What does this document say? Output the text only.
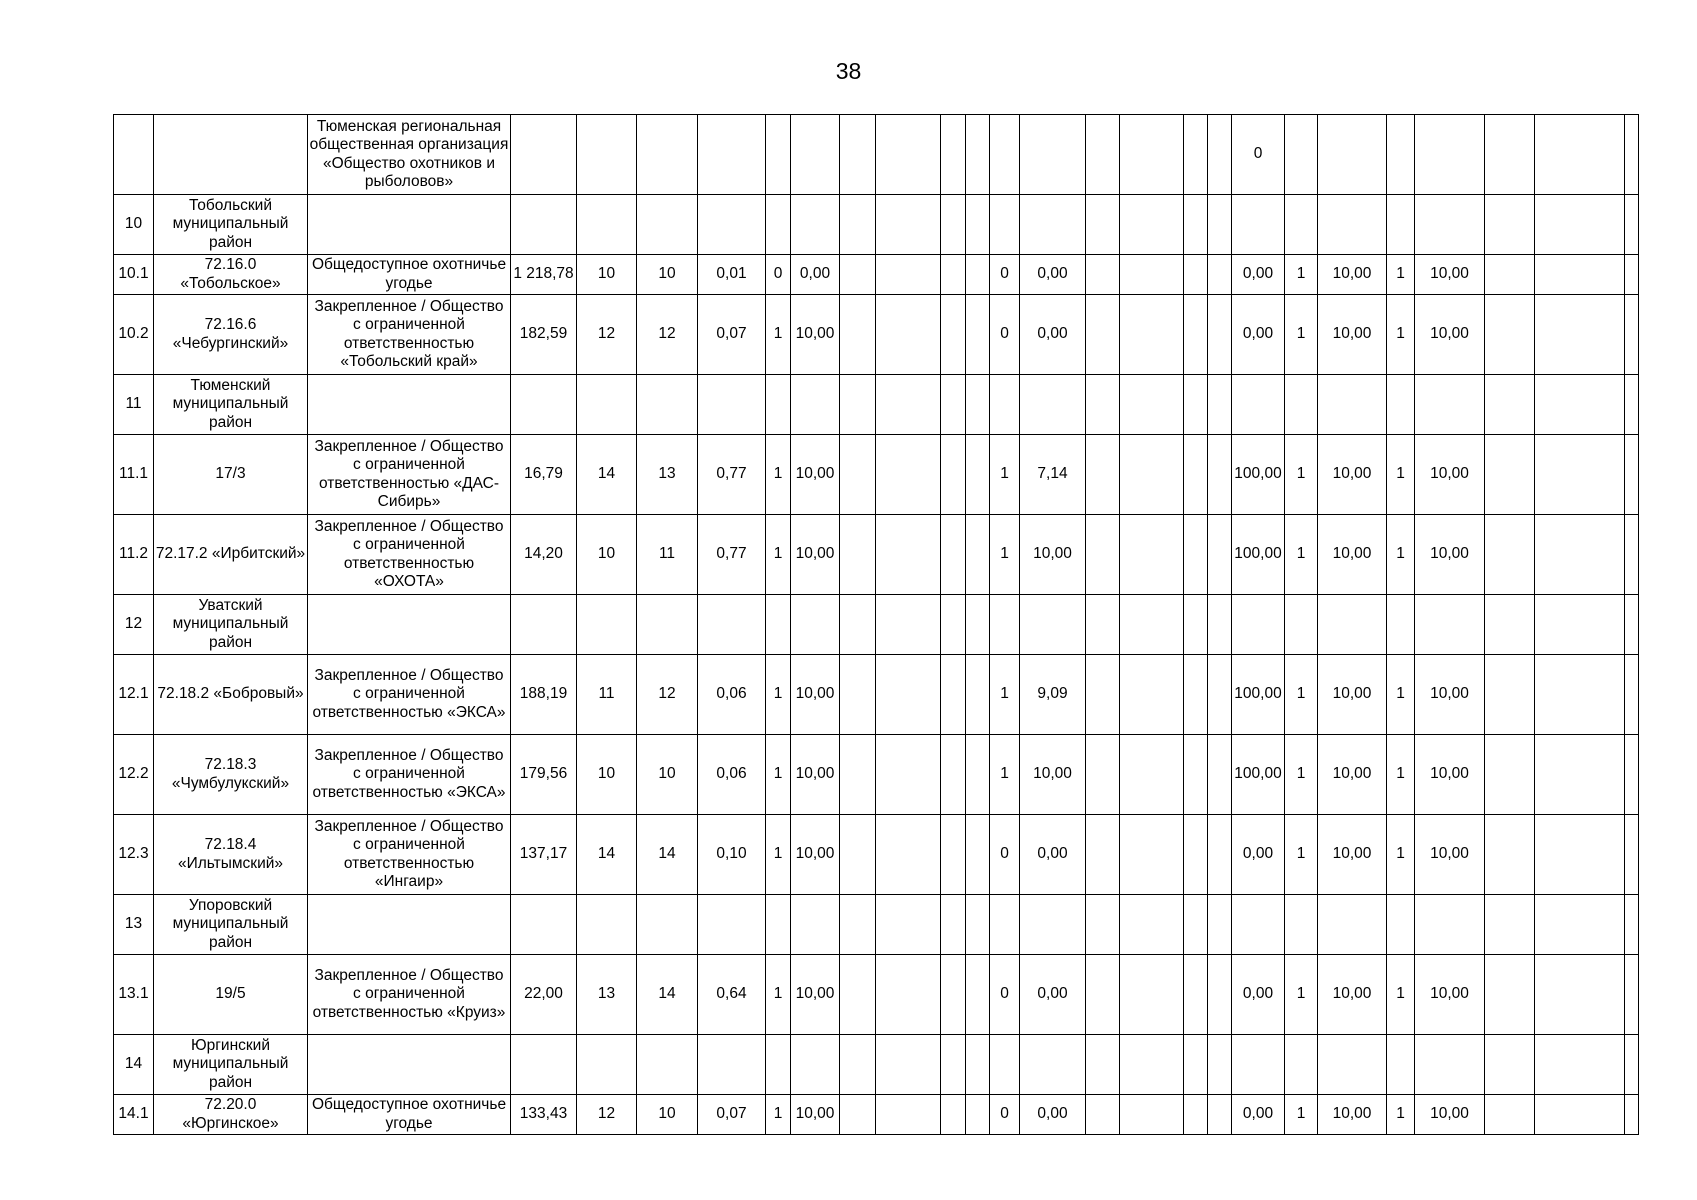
38
		Тюменская региональная общественная организация «Общество охотников и рыболовов»																	0							
10	Тобольский муниципальный район																									
10.1	72.16.0 «Тобольское»	Общедоступное охотничье угодье	1 218,78	10	10	0,01	0	0,00					0	0,00					0,00	1	10,00	1	10,00			
10.2	72.16.6 «Чебургинский»	Закрепленное / Общество с ограниченной ответственностью «Тобольский край»	182,59	12	12	0,07	1	10,00					0	0,00					0,00	1	10,00	1	10,00			
11	Тюменский муниципальный район																									
11.1	17/3	Закрепленное / Общество с ограниченной ответственностью «ДАС-Сибирь»	16,79	14	13	0,77	1	10,00					1	7,14					100,00	1	10,00	1	10,00			
11.2	72.17.2 «Ирбитский»	Закрепленное / Общество с ограниченной ответственностью «ОХОТА»	14,20	10	11	0,77	1	10,00					1	10,00					100,00	1	10,00	1	10,00			
12	Уватский муниципальный район																									
12.1	72.18.2 «Бобровый»	Закрепленное / Общество с ограниченной ответственностью «ЭКСА»	188,19	11	12	0,06	1	10,00					1	9,09					100,00	1	10,00	1	10,00			
12.2	72.18.3 «Чумбулукский»	Закрепленное / Общество с ограниченной ответственностью «ЭКСА»	179,56	10	10	0,06	1	10,00					1	10,00					100,00	1	10,00	1	10,00			
12.3	72.18.4 «Ильтымский»	Закрепленное / Общество с ограниченной ответственностью «Ингаир»	137,17	14	14	0,10	1	10,00					0	0,00					0,00	1	10,00	1	10,00			
13	Упоровский муниципальный район																									
13.1	19/5	Закрепленное / Общество с ограниченной ответственностью «Круиз»	22,00	13	14	0,64	1	10,00					0	0,00					0,00	1	10,00	1	10,00			
14	Юргинский муниципальный район																									
14.1	72.20.0 «Юргинское»	Общедоступное охотничье угодье	133,43	12	10	0,07	1	10,00					0	0,00					0,00	1	10,00	1	10,00			
